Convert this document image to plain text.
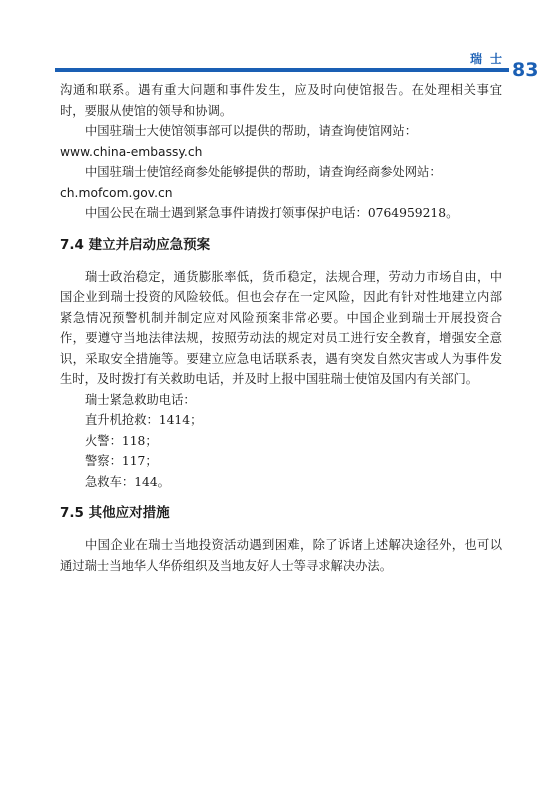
瑞士 83

沟通和联系。遇有重大问题和事件发生，应及时向使馆报告。在处理相关事宜时，要服从使馆的领导和协调。

中国驻瑞士大使馆领事部可以提供的帮助，请查询使馆网站：

www.china-embassy.ch

中国驻瑞士使馆经商参处能够提供的帮助，请查询经商参处网站：

ch.mofcom.gov.cn

中国公民在瑞士遇到紧急事件请拨打领事保护电话：0764959218。

7.4 建立并启动应急预案

瑞士政治稳定，通货膨胀率低，货币稳定，法规合理，劳动力市场自由，中国企业到瑞士投资的风险较低。但也会存在一定风险，因此有针对性地建立内部紧急情况预警机制并制定应对风险预案非常必要。中国企业到瑞士开展投资合作，要遵守当地法律法规，按照劳动法的规定对员工进行安全教育，增强安全意识，采取安全措施等。要建立应急电话联系表，遇有突发自然灾害或人为事件发生时，及时拨打有关救助电话，并及时上报中国驻瑞士使馆及国内有关部门。

瑞士紧急救助电话：

直升机抢救：1414；

火警：118；

警察：117；

急救车：144。

7.5 其他应对措施

中国企业在瑞士当地投资活动遇到困难，除了诉诸上述解决途径外，也可以通过瑞士当地华人华侨组织及当地友好人士等寻求解决办法。
